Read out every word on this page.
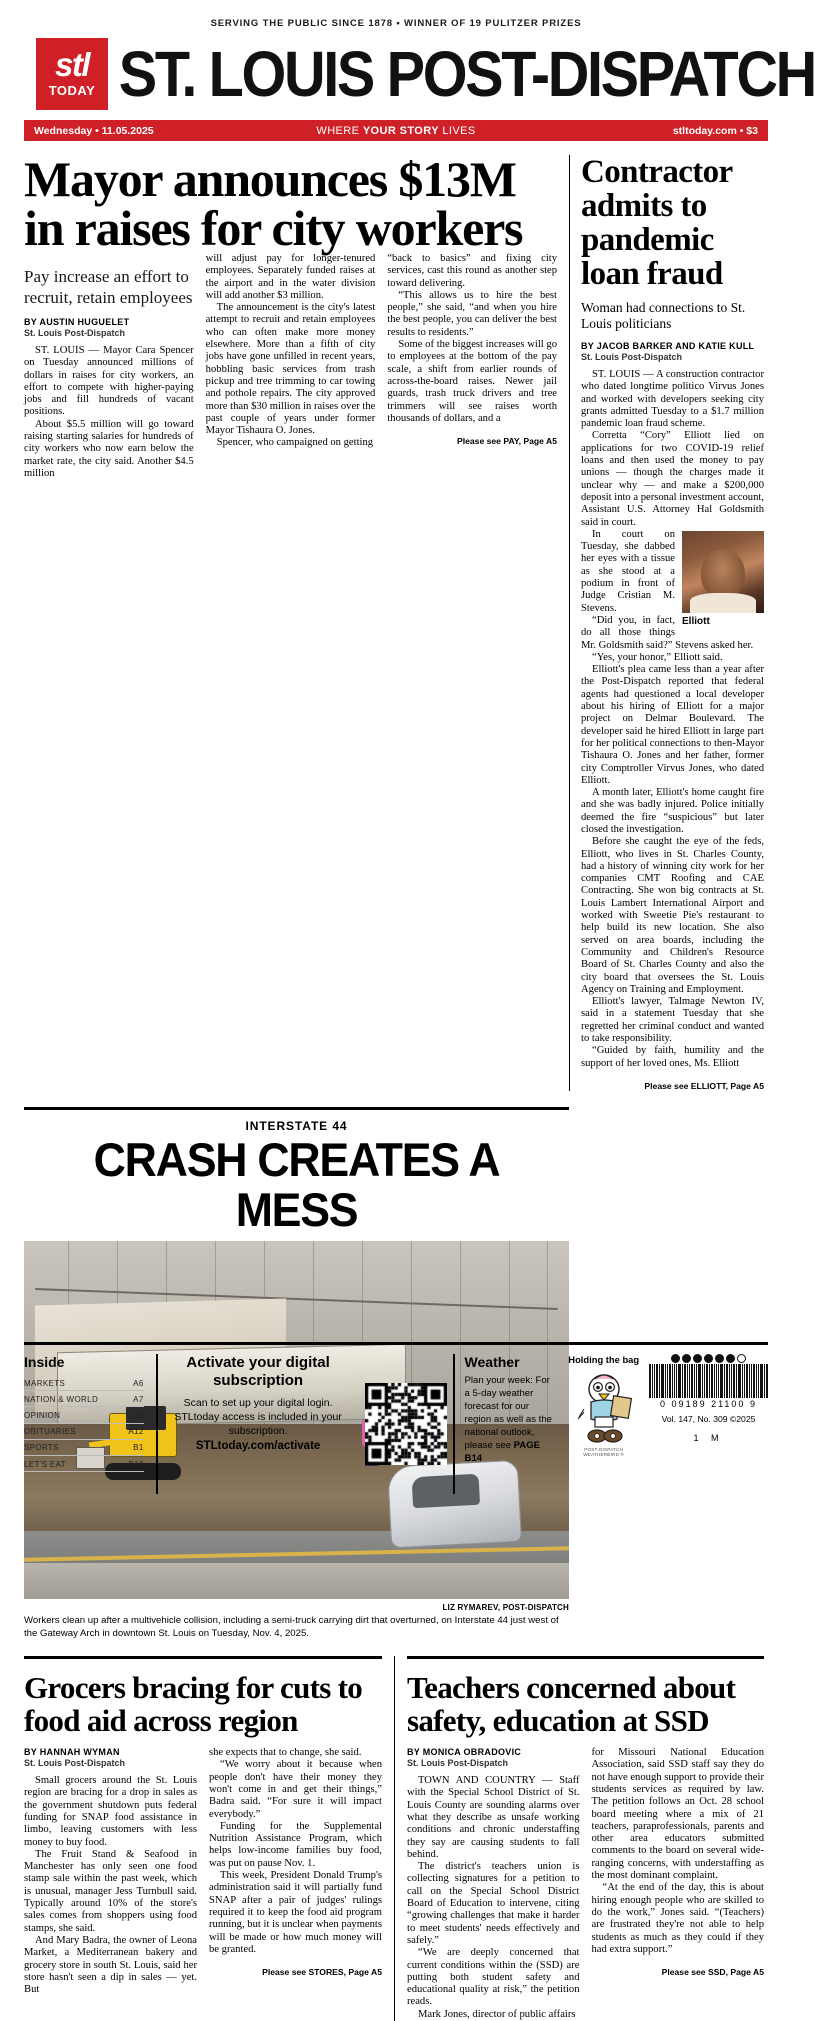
SERVING THE PUBLIC SINCE 1878 • WINNER OF 19 PULITZER PRIZES
stl
TODAY ST. LOUIS POST-DISPATCH
Wednesday • 11.05.2025	WHERE YOUR STORY LIVES	stltoday.com • $3
Mayor announces $13M in raises for city workers
Pay increase an effort to recruit, retain employees
BY AUSTIN HUGUELET
St. Louis Post-Dispatch

ST. LOUIS — Mayor Cara Spencer on Tuesday announced millions of dollars in raises for city workers, an effort to compete with higher-paying jobs and fill hundreds of vacant positions.

About $5.5 million will go toward raising starting salaries for hundreds of city workers who now earn below the market rate, the city said. Another $4.5 million

will adjust pay for longer-tenured employees. Separately funded raises at the airport and in the water division will add another $3 million.

The announcement is the city's latest attempt to recruit and retain employees who can often make more money elsewhere. More than a fifth of city jobs have gone unfilled in recent years, hobbling basic services from trash pickup and tree trimming to car towing and pothole repairs. The city approved more than $30 million in raises over the past couple of years under former Mayor Tishaura O. Jones.

Spencer, who campaigned on getting

“back to basics” and fixing city services, cast this round as another step toward delivering.

“This allows us to hire the best people,” she said, “and when you hire the best people, you can deliver the best results to residents.”

Some of the biggest increases will go to employees at the bottom of the pay scale, a shift from earlier rounds of across-the-board raises. Newer jail guards, trash truck drivers and tree trimmers will see raises worth thousands of dollars, and a

Please see PAY, Page A5
Contractor admits to pandemic loan fraud
Woman had connections to St. Louis politicians
BY JACOB BARKER AND KATIE KULL
St. Louis Post-Dispatch

ST. LOUIS — A construction contractor who dated longtime politico Virvus Jones and worked with developers seeking city grants admitted Tuesday to a $1.7 million pandemic loan fraud scheme.

Corretta “Cory” Elliott lied on applications for two COVID-19 relief loans and then used the money to pay unions — though the charges made it unclear why — and make a $200,000 deposit into a personal investment account, Assistant U.S. Attorney Hal Goldsmith said in court.

Elliott

In court on Tuesday, she dabbed her eyes with a tissue as she stood at a podium in front of Judge Cristian M. Stevens.

“Did you, in fact, do all those things Mr. Goldsmith said?” Stevens asked her.

“Yes, your honor,” Elliott said.

Elliott's plea came less than a year after the Post-Dispatch reported that federal agents had questioned a local developer about his hiring of Elliott for a major project on Delmar Boulevard. The developer said he hired Elliott in large part for her political connections to then-Mayor Tishaura O. Jones and her father, former city Comptroller Virvus Jones, who dated Elliott.

A month later, Elliott's home caught fire and she was badly injured. Police initially deemed the fire “suspicious” but later closed the investigation.

Before she caught the eye of the feds, Elliott, who lives in St. Charles County, had a history of winning city work for her companies CMT Roofing and CAE Contracting. She won big contracts at St. Louis Lambert International Airport and worked with Sweetie Pie's restaurant to help build its new location. She also served on area boards, including the Community and Children's Resource Board of St. Charles County and also the city board that oversees the St. Louis Agency on Training and Employment.

Elliott's lawyer, Talmage Newton IV, said in a statement Tuesday that she regretted her criminal conduct and wanted to take responsibility.

“Guided by faith, humility and the support of her loved ones, Ms. Elliott

Please see ELLIOTT, Page A5
INTERSTATE 44
CRASH CREATES A MESS
LIZ RYMAREV, POST-DISPATCH
Workers clean up after a multivehicle collision, including a semi-truck carrying dirt that overturned, on Interstate 44 just west of the Gateway Arch in downtown St. Louis on Tuesday, Nov. 4, 2025.
Grocers bracing for cuts to food aid across region
BY HANNAH WYMAN
St. Louis Post-Dispatch

Small grocers around the St. Louis region are bracing for a drop in sales as the government shutdown puts federal funding for SNAP food assistance in limbo, leaving customers with less money to buy food.

The Fruit Stand & Seafood in Manchester has only seen one food stamp sale within the past week, which is unusual, manager Jess Turnbull said. Typically around 10% of the store's sales comes from shoppers using food stamps, she said.

And Mary Badra, the owner of Leona Market, a Mediterranean bakery and grocery store in south St. Louis, said her store hasn't seen a dip in sales — yet. But

she expects that to change, she said.

“We worry about it because when people don't have their money they won't come in and get their things,” Badra said. “For sure it will impact everybody.”

Funding for the Supplemental Nutrition Assistance Program, which helps low-income families buy food, was put on pause Nov. 1.

This week, President Donald Trump's administration said it will partially fund SNAP after a pair of judges' rulings required it to keep the food aid program running, but it is unclear when payments will be made or how much money will be granted.

Please see STORES, Page A5
Teachers concerned about safety, education at SSD
BY MONICA OBRADOVIC
St. Louis Post-Dispatch

TOWN AND COUNTRY — Staff with the Special School District of St. Louis County are sounding alarms over what they describe as unsafe working conditions and chronic understaffing they say are causing students to fall behind.

The district's teachers union is collecting signatures for a petition to call on the Special School District Board of Education to intervene, citing “growing challenges that make it harder to meet students' needs effectively and safely.”

“We are deeply concerned that current conditions within the (SSD) are putting both student safety and educational quality at risk,” the petition reads.

Mark Jones, director of public affairs

for Missouri National Education Association, said SSD staff say they do not have enough support to provide their students services as required by law. The petition follows an Oct. 28 school board meeting where a mix of 21 teachers, paraprofessionals, parents and other area educators submitted comments to the board on several wide-ranging concerns, with understaffing as the most dominant complaint.

“At the end of the day, this is about hiring enough people who are skilled to do the work,” Jones said. “(Teachers) are frustrated they're not able to help students as much as they could if they had extra support.”

Please see SSD, Page A5
Inside
MARKETS	A6
NATION & WORLD	A7
OPINION	A8
OBITUARIES	A12
SPORTS	B1
LET'S EAT	B12
Activate your digital subscription
Scan to set up your digital login. STLtoday access is included in your subscription.
STLtoday.com/activate
Weather
Plan your week: For a 5-day weather forecast for our region as well as the national outlook, please see PAGE B14
Holding the bag
POST-DISPATCH WEATHERBIRD ®
0 09189 21100 9
Vol. 147, No. 309 ©2025
1 M
